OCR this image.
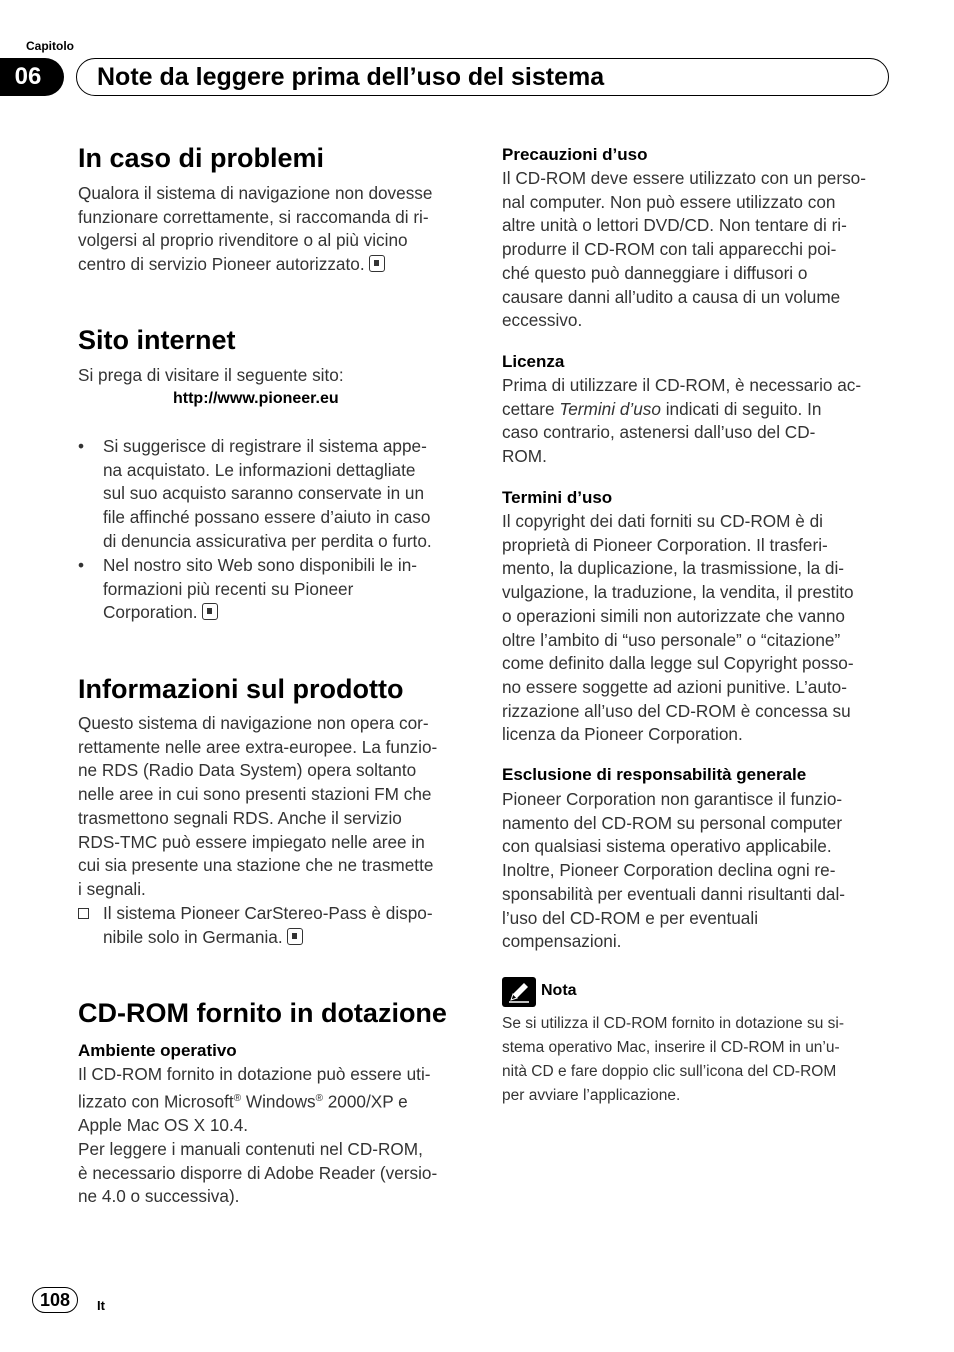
Capitolo
06	Note da leggere prima dell’uso del sistema
In caso di problemi
Qualora il sistema di navigazione non dovesse
funzionare correttamente, si raccomanda di ri-
volgersi al proprio rivenditore o al più vicino
centro di servizio Pioneer autorizzato.
Sito internet
Si prega di visitare il seguente sito:
http://www.pioneer.eu
• Si suggerisce di registrare il sistema appe-
na acquistato. Le informazioni dettagliate
sul suo acquisto saranno conservate in un
file affinché possano essere d’aiuto in caso
di denuncia assicurativa per perdita o furto.
• Nel nostro sito Web sono disponibili le in-
formazioni più recenti su Pioneer
Corporation.
Informazioni sul prodotto
Questo sistema di navigazione non opera cor-
rettamente nelle aree extra-europee. La funzio-
ne RDS (Radio Data System) opera soltanto
nelle aree in cui sono presenti stazioni FM che
trasmettono segnali RDS. Anche il servizio
RDS-TMC può essere impiegato nelle aree in
cui sia presente una stazione che ne trasmette
i segnali.
Il sistema Pioneer CarStereo-Pass è dispo-
nibile solo in Germania.
CD-ROM fornito in dotazione
Ambiente operativo
Il CD-ROM fornito in dotazione può essere uti-
lizzato con Microsoft® Windows® 2000/XP e
Apple Mac OS X 10.4.
Per leggere i manuali contenuti nel CD-ROM,
è necessario disporre di Adobe Reader (versio-
ne 4.0 o successiva).
Precauzioni d’uso
Il CD-ROM deve essere utilizzato con un perso-
nal computer. Non può essere utilizzato con
altre unità o lettori DVD/CD. Non tentare di ri-
produrre il CD-ROM con tali apparecchi poi-
ché questo può danneggiare i diffusori o
causare danni all’udito a causa di un volume
eccessivo.
Licenza
Prima di utilizzare il CD-ROM, è necessario ac-
cettare Termini d’uso indicati di seguito. In
caso contrario, astenersi dall’uso del CD-
ROM.
Termini d’uso
Il copyright dei dati forniti su CD-ROM è di
proprietà di Pioneer Corporation. Il trasferi-
mento, la duplicazione, la trasmissione, la di-
vulgazione, la traduzione, la vendita, il prestito
o operazioni simili non autorizzate che vanno
oltre l’ambito di “uso personale” o “citazione”
come definito dalla legge sul Copyright posso-
no essere soggette ad azioni punitive. L’auto-
rizzazione all’uso del CD-ROM è concessa su
licenza da Pioneer Corporation.
Esclusione di responsabilità generale
Pioneer Corporation non garantisce il funzio-
namento del CD-ROM su personal computer
con qualsiasi sistema operativo applicabile.
Inoltre, Pioneer Corporation declina ogni re-
sponsabilità per eventuali danni risultanti dal-
l’uso del CD-ROM e per eventuali
compensazioni.
Nota
Se si utilizza il CD-ROM fornito in dotazione su si-
stema operativo Mac, inserire il CD-ROM in un’u-
nità CD e fare doppio clic sull’icona del CD-ROM
per avviare l’applicazione.
108	It
